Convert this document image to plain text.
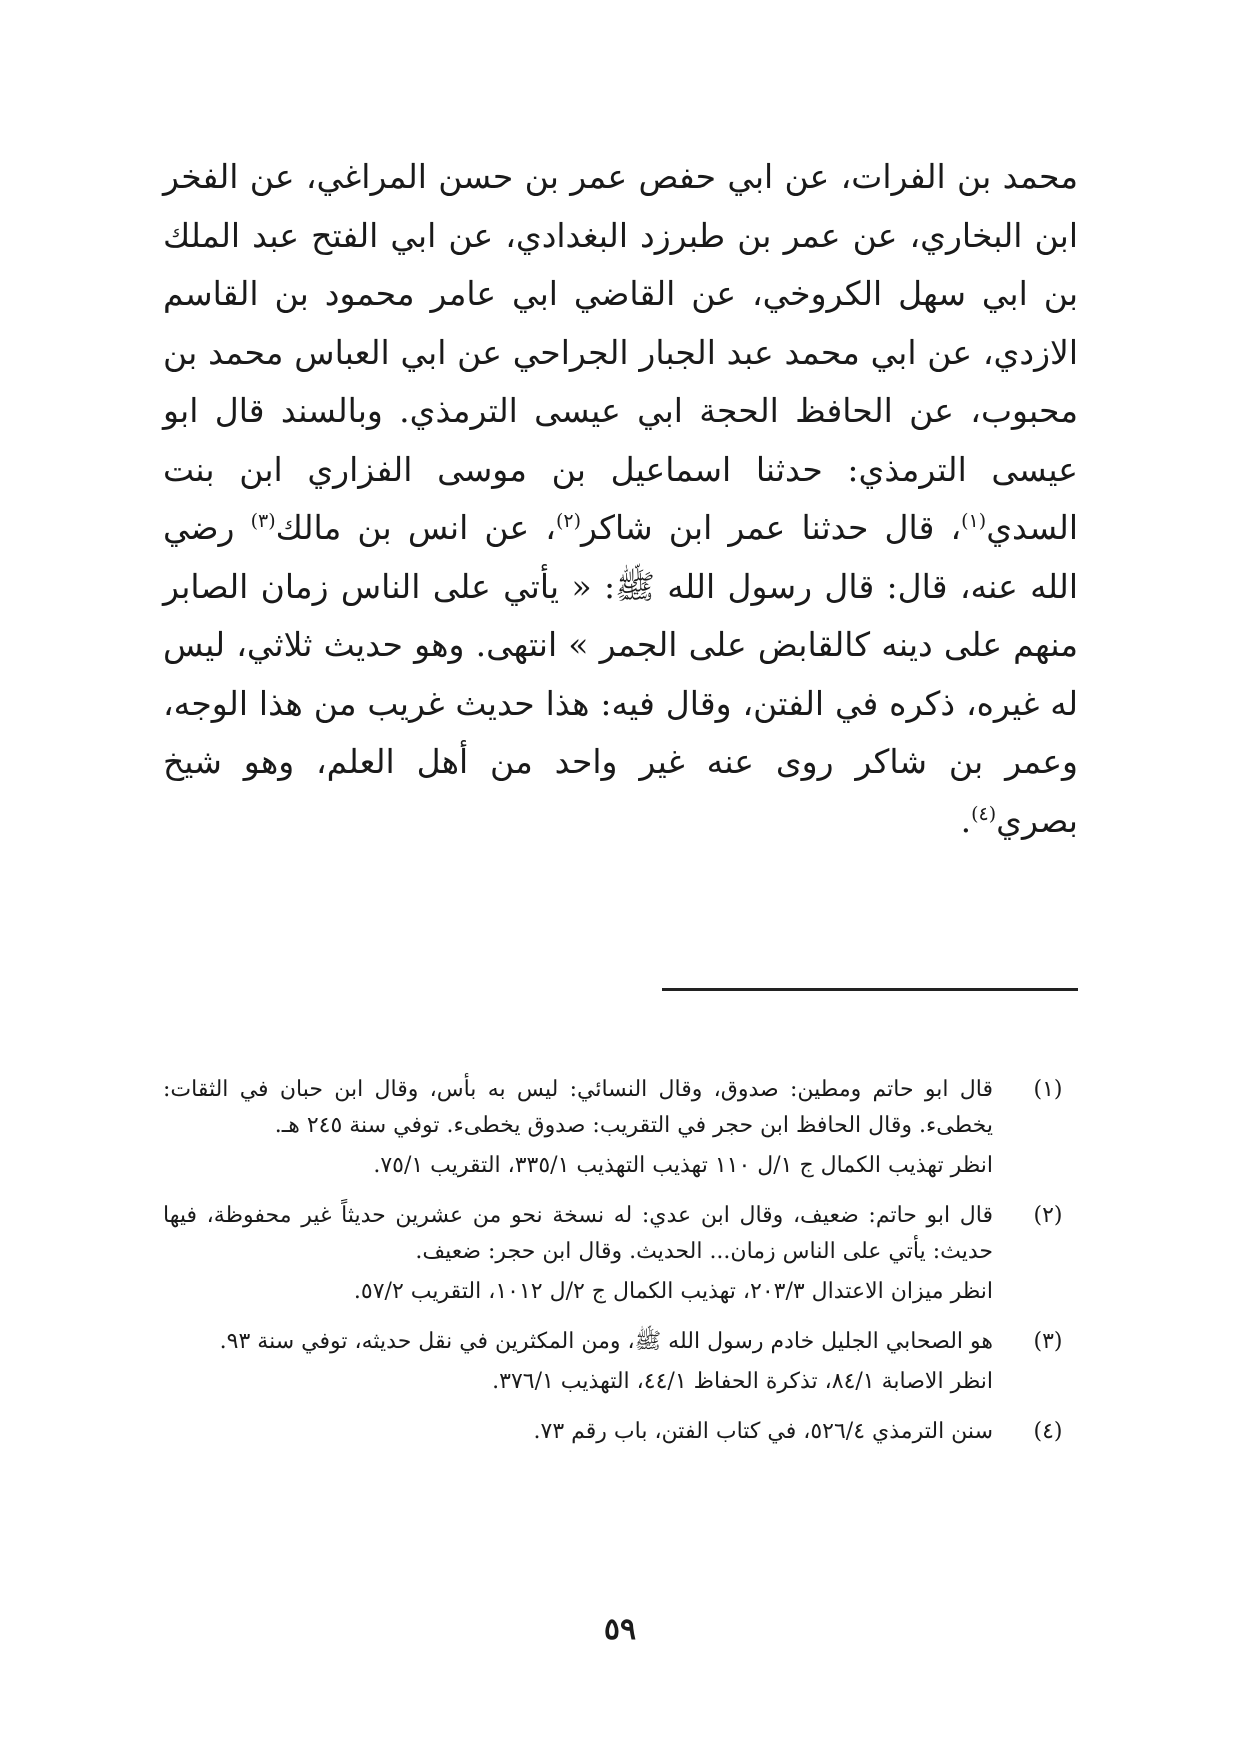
محمد بن الفرات، عن ابي حفص عمر بن حسن المراغي، عن الفخر ابن البخاري، عن عمر بن طبرزد البغدادي، عن ابي الفتح عبد الملك بن ابي سهل الكروخي، عن القاضي ابي عامر محمود بن القاسم الازدي، عن ابي محمد عبد الجبار الجراحي عن ابي العباس محمد بن محبوب، عن الحافظ الحجة ابي عيسى الترمذي. وبالسند قال ابو عيسى الترمذي: حدثنا اسماعيل بن موسى الفزاري ابن بنت السدي$^{(١)}$، قال حدثنا عمر ابن شاكر$^{(٢)}$، عن انس بن مالك$^{(٣)}$ رضي الله عنه، قال: قال رسول الله ﷺ: « يأتي على الناس زمان الصابر منهم على دينه كالقابض على الجمر » انتهى. وهو حديث ثلاثي، ليس له غيره، ذكره في الفتن، وقال فيه: هذا حديث غريب من هذا الوجه، وعمر بن شاكر روى عنه غير واحد من أهل العلم، وهو شيخ بصري$^{(٤)}$.

(١)

قال ابو حاتم ومطين: صدوق، وقال النسائي: ليس به بأس، وقال ابن حبان في الثقات: يخطىء. وقال الحافظ ابن حجر في التقريب: صدوق يخطىء. توفي سنة ٢٤٥ هـ.

انظر تهذيب الكمال ج ١/ل ١١٠ تهذيب التهذيب ٣٣٥/١، التقريب ٧٥/١.

(٢)

قال ابو حاتم: ضعيف، وقال ابن عدي: له نسخة نحو من عشرين حديثاً غير محفوظة، فيها حديث: يأتي على الناس زمان... الحديث. وقال ابن حجر: ضعيف.

انظر ميزان الاعتدال ٢٠٣/٣، تهذيب الكمال ج ٢/ل ١٠١٢، التقريب ٥٧/٢.

(٣)

هو الصحابي الجليل خادم رسول الله ﷺ، ومن المكثرين في نقل حديثه، توفي سنة ٩٣.

انظر الاصابة ٨٤/١، تذكرة الحفاظ ٤٤/١، التهذيب ٣٧٦/١.

(٤)

سنن الترمذي ٥٢٦/٤، في كتاب الفتن، باب رقم ٧٣.

٥٩
